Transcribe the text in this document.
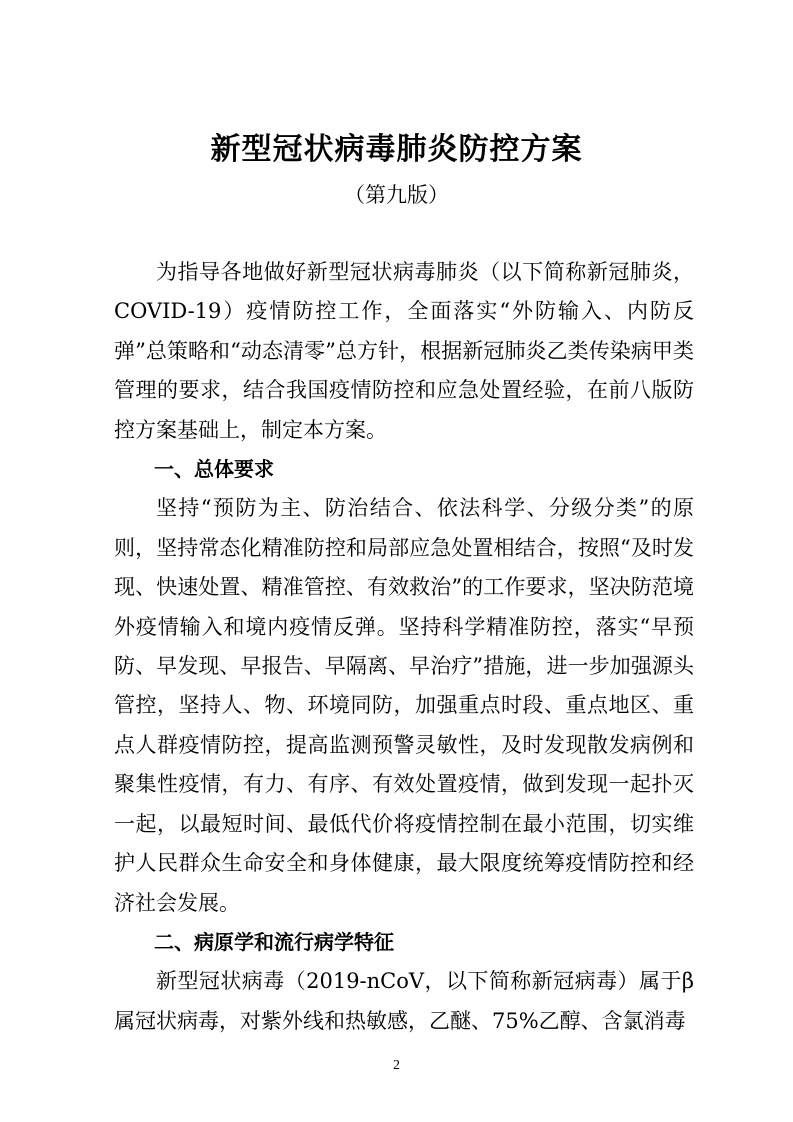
新型冠状病毒肺炎防控方案
（第九版）

为指导各地做好新型冠状病毒肺炎（以下简称新冠肺炎，COVID-19）疫情防控工作，全面落实“外防输入、内防反弹”总策略和“动态清零”总方针，根据新冠肺炎乙类传染病甲类管理的要求，结合我国疫情防控和应急处置经验，在前八版防控方案基础上，制定本方案。

一、总体要求

坚持“预防为主、防治结合、依法科学、分级分类”的原则，坚持常态化精准防控和局部应急处置相结合，按照“及时发现、快速处置、精准管控、有效救治”的工作要求，坚决防范境外疫情输入和境内疫情反弹。坚持科学精准防控，落实“早预防、早发现、早报告、早隔离、早治疗”措施，进一步加强源头管控，坚持人、物、环境同防，加强重点时段、重点地区、重点人群疫情防控，提高监测预警灵敏性，及时发现散发病例和聚集性疫情，有力、有序、有效处置疫情，做到发现一起扑灭一起，以最短时间、最低代价将疫情控制在最小范围，切实维护人民群众生命安全和身体健康，最大限度统筹疫情防控和经济社会发展。

二、病原学和流行病学特征

新型冠状病毒（2019-nCoV，以下简称新冠病毒）属于β属冠状病毒，对紫外线和热敏感，乙醚、75%乙醇、含氯消毒

2
